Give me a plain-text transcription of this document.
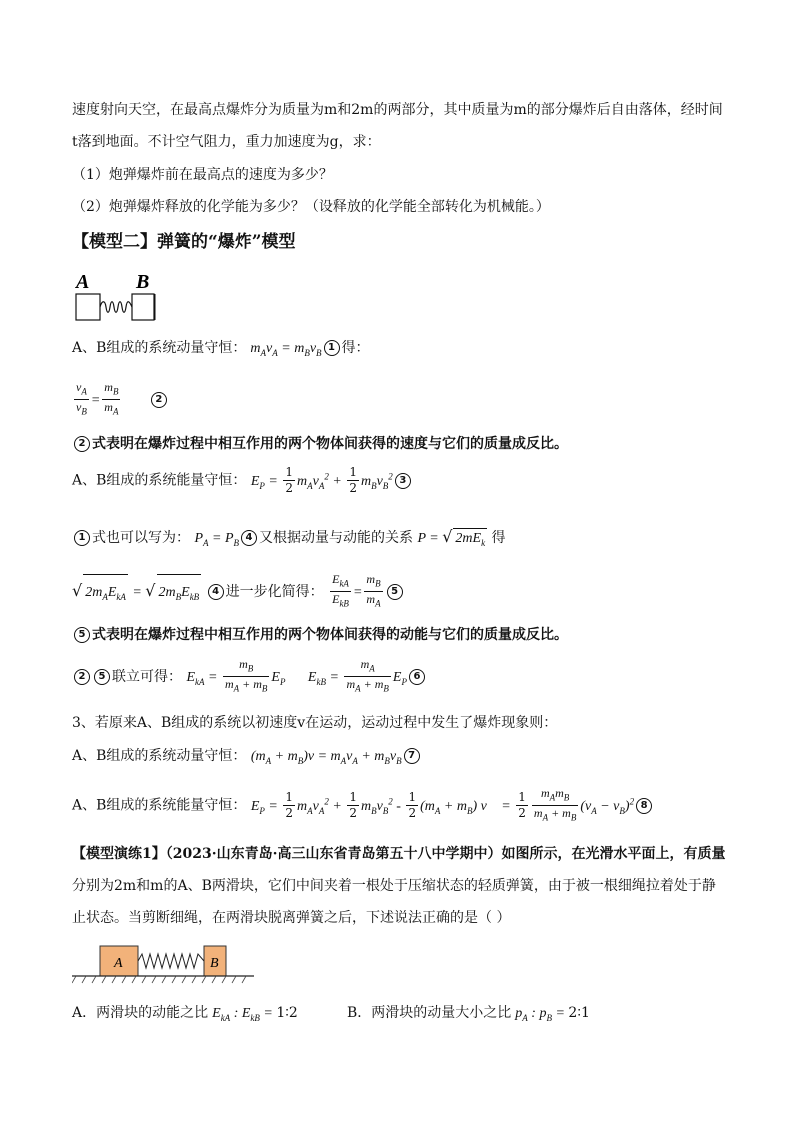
速度射向天空，在最高点爆炸分为质量为m和2m的两部分，其中质量为m的部分爆炸后自由落体，经时间
t落到地面。不计空气阻力，重力加速度为g，求：
（1）炮弹爆炸前在最高点的速度为多少？
（2）炮弹爆炸释放的化学能为多少？（设释放的化学能全部转化为机械能。）
【模型二】弹簧的“爆炸”模型
A B
A、B组成的系统动量守恒： $m_Av_A = m_Bv_B$ 1 得：
$\frac{v_A}{v_B} = \frac{m_B}{m_A}$	2
2 式表明在爆炸过程中相互作用的两个物体间获得的速度与它们的质量成反比。
A、B组成的系统能量守恒： $E_P = \frac{1}{2} m_Av_A^2 + \frac{1}{2} m_Bv_B^2$ 3
1 式也可以写为： $P_A = P_B$ 4 又根据动量与动能的关系 P = √ $2mE_k$ 得
√ $2m_AE_{kA}$ = √ $2m_BE_{kB}$ 4 进一步化简得： $\frac{E_{kA}}{E_{kB}} = \frac{m_B}{m_A} 5$
5 式表明在爆炸过程中相互作用的两个物体间获得的动能与它们的质量成反比。
2 5 联立可得： $E_{kA} = \frac{m_B}{m_A + m_B} E_P$ $E_{kB} = \frac{m_A}{m_A + m_B} E_P$ 6
3、若原来A、B组成的系统以初速度v在运动，运动过程中发生了爆炸现象则：
A、B组成的系统动量守恒： $(m_A + m_B)v = m_Av_A + m_Bv_B$ 7
A、B组成的系统能量守恒： $E_P = \frac{1}{2} m_Av_A^2 + \frac{1}{2} m_Bv_B^2 - \frac{1}{2} (m_A + m_B) v = \frac{1}{2} \frac{m_Am_B}{m_A + m_B} (v_A - v_B)^2$ 8
【模型演练1】（2023·山东青岛·高三山东省青岛第五十八中学期中）如图所示，在光滑水平面上，有质量
分别为2m和m的A、B两滑块，它们中间夹着一根处于压缩状态的轻质弹簧，由于被一根细绳拉着处于静
止状态。当剪断细绳，在两滑块脱离弹簧之后，下述说法正确的是（ ）
A	B
A．两滑块的动能之比 $E_{kA}$ : $E_{kB}$ = 1∶2	B．两滑块的动量大小之比 $p_A$ : $p_B$ = 2∶1
